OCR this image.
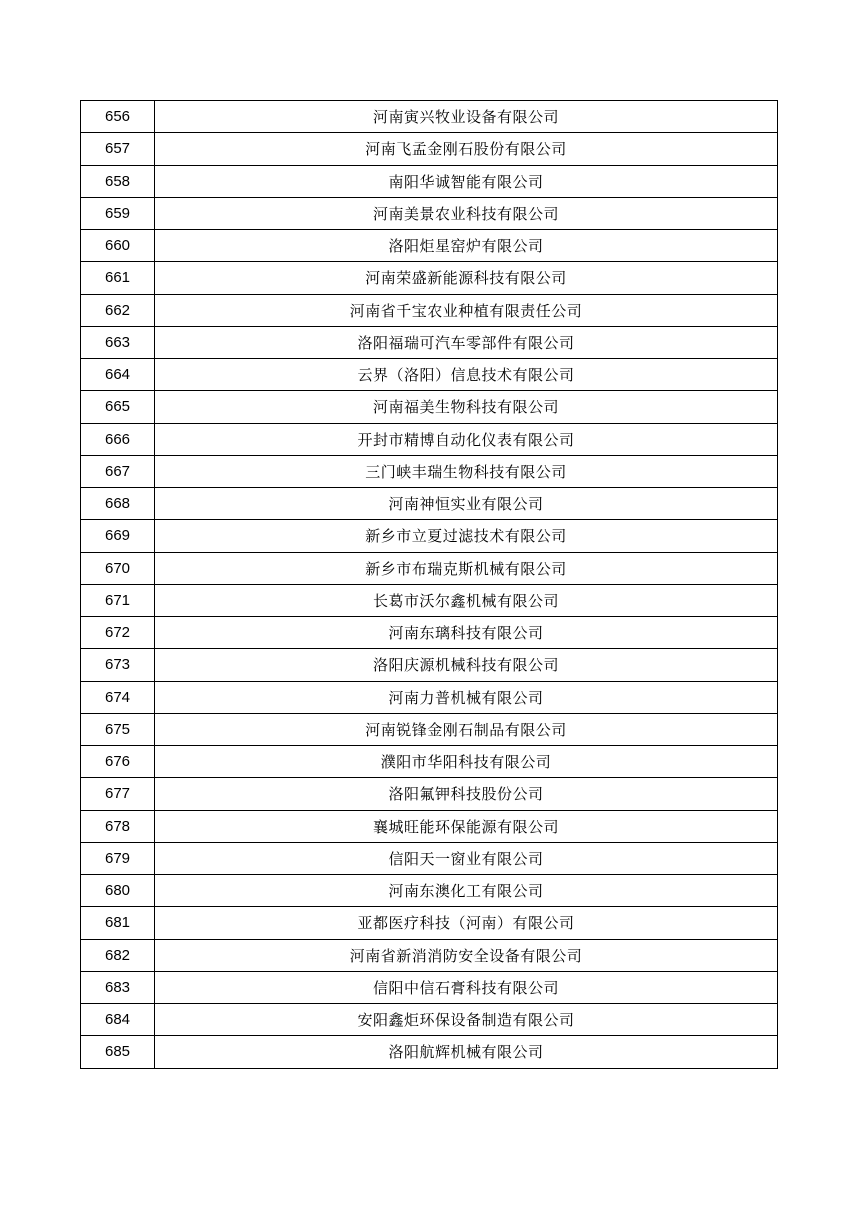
656	河南寅兴牧业设备有限公司
657	河南飞孟金刚石股份有限公司
658	南阳华诚智能有限公司
659	河南美景农业科技有限公司
660	洛阳炬星窑炉有限公司
661	河南荣盛新能源科技有限公司
662	河南省千宝农业种植有限责任公司
663	洛阳福瑞可汽车零部件有限公司
664	云界（洛阳）信息技术有限公司
665	河南福美生物科技有限公司
666	开封市精博自动化仪表有限公司
667	三门峡丰瑞生物科技有限公司
668	河南神恒实业有限公司
669	新乡市立夏过滤技术有限公司
670	新乡市布瑞克斯机械有限公司
671	长葛市沃尔鑫机械有限公司
672	河南东璃科技有限公司
673	洛阳庆源机械科技有限公司
674	河南力普机械有限公司
675	河南锐锋金刚石制品有限公司
676	濮阳市华阳科技有限公司
677	洛阳氟钾科技股份公司
678	襄城旺能环保能源有限公司
679	信阳天一窗业有限公司
680	河南东澳化工有限公司
681	亚都医疗科技（河南）有限公司
682	河南省新消消防安全设备有限公司
683	信阳中信石膏科技有限公司
684	安阳鑫炬环保设备制造有限公司
685	洛阳航辉机械有限公司
